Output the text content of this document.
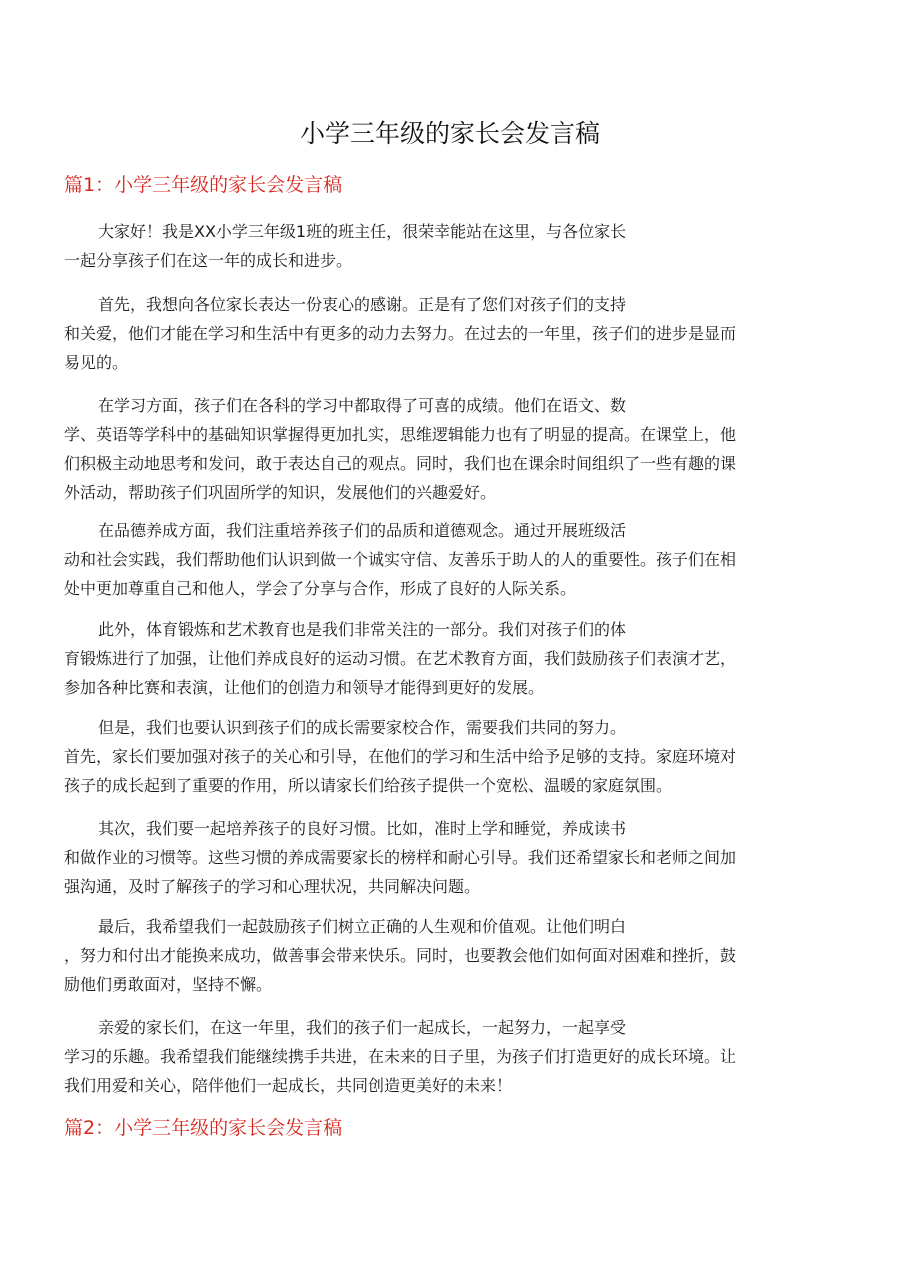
小学三年级的家长会发言稿
篇1：小学三年级的家长会发言稿
大家好！我是XX小学三年级1班的班主任，很荣幸能站在这里，与各位家长
一起分享孩子们在这一年的成长和进步。
首先，我想向各位家长表达一份衷心的感谢。正是有了您们对孩子们的支持
和关爱，他们才能在学习和生活中有更多的动力去努力。在过去的一年里，孩子们的进步是显而
易见的。
在学习方面，孩子们在各科的学习中都取得了可喜的成绩。他们在语文、数
学、英语等学科中的基础知识掌握得更加扎实，思维逻辑能力也有了明显的提高。在课堂上，他
们积极主动地思考和发问，敢于表达自己的观点。同时，我们也在课余时间组织了一些有趣的课
外活动，帮助孩子们巩固所学的知识，发展他们的兴趣爱好。
在品德养成方面，我们注重培养孩子们的品质和道德观念。通过开展班级活
动和社会实践，我们帮助他们认识到做一个诚实守信、友善乐于助人的人的重要性。孩子们在相
处中更加尊重自己和他人，学会了分享与合作，形成了良好的人际关系。
此外，体育锻炼和艺术教育也是我们非常关注的一部分。我们对孩子们的体
育锻炼进行了加强，让他们养成良好的运动习惯。在艺术教育方面，我们鼓励孩子们表演才艺，
参加各种比赛和表演，让他们的创造力和领导才能得到更好的发展。
但是，我们也要认识到孩子们的成长需要家校合作，需要我们共同的努力。
首先，家长们要加强对孩子的关心和引导，在他们的学习和生活中给予足够的支持。家庭环境对
孩子的成长起到了重要的作用，所以请家长们给孩子提供一个宽松、温暖的家庭氛围。
其次，我们要一起培养孩子的良好习惯。比如，准时上学和睡觉，养成读书
和做作业的习惯等。这些习惯的养成需要家长的榜样和耐心引导。我们还希望家长和老师之间加
强沟通，及时了解孩子的学习和心理状况，共同解决问题。
最后，我希望我们一起鼓励孩子们树立正确的人生观和价值观。让他们明白
，努力和付出才能换来成功，做善事会带来快乐。同时，也要教会他们如何面对困难和挫折，鼓
励他们勇敢面对，坚持不懈。
亲爱的家长们，在这一年里，我们的孩子们一起成长，一起努力，一起享受
学习的乐趣。我希望我们能继续携手共进，在未来的日子里，为孩子们打造更好的成长环境。让
我们用爱和关心，陪伴他们一起成长，共同创造更美好的未来！
篇2：小学三年级的家长会发言稿
